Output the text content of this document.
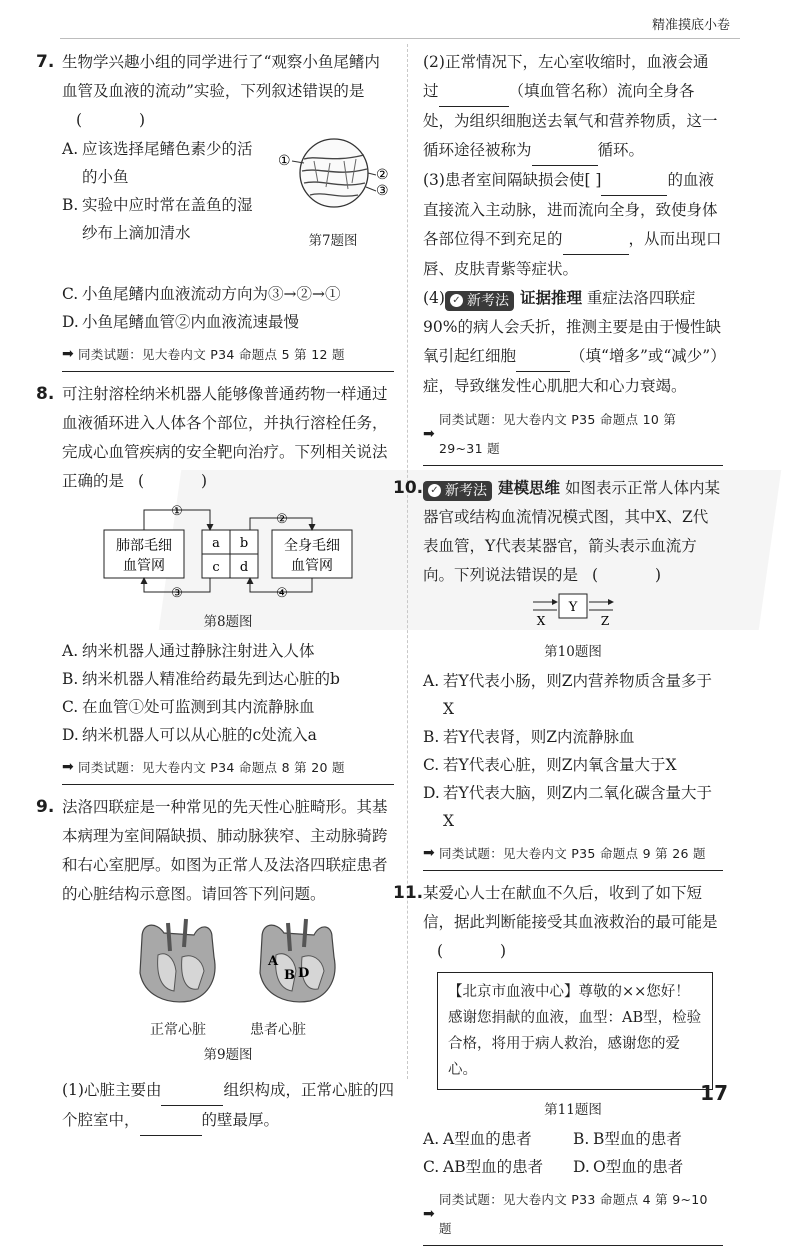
精准摸底小卷
7. 生物学兴趣小组的同学进行了“观察小鱼尾鳍内血管及血液的流动”实验，下列叙述错误的是( )
A. 应该选择尾鳍色素少的活的小鱼
B. 实验中应时常在盖鱼的湿纱布上滴加清水
①
②
③
第7题图
C. 小鱼尾鳍内血液流动方向为③→②→①
D. 小鱼尾鳍血管②内血液流速最慢
➡ 同类试题：见大卷内文 P34 命题点 5 第 12 题
8. 可注射溶栓纳米机器人能够像普通药物一样通过血液循环进入人体各个部位，并执行溶栓任务，完成心血管疾病的安全靶向治疗。下列相关说法正确的是 ( )
肺部毛细
血管网
全身毛细
血管网
a b
c d
①
②
③	④
第8题图
A. 纳米机器人通过静脉注射进入人体
B. 纳米机器人精准给药最先到达心脏的b
C. 在血管①处可监测到其内流静脉血
D. 纳米机器人可以从心脏的c处流入a
➡ 同类试题：见大卷内文 P34 命题点 8 第 20 题
9. 法洛四联症是一种常见的先天性心脏畸形。其基本病理为室间隔缺损、肺动脉狭窄、主动脉骑跨和右心室肥厚。如图为正常人及法洛四联症患者的心脏结构示意图。请回答下列问题。
A
B D
正常心脏	患者心脏
第9题图
(1)心脏主要由	组织构成，正常心脏的四个腔室中，	的壁最厚。
(2)正常情况下，左心室收缩时，血液会通过	（填血管名称）流向全身各处，为组织细胞送去氧气和营养物质，这一循环途径被称为	循环。
(3)患者室间隔缺损会使[ ]	的血液直接流入主动脉，进而流向全身，致使身体各部位得不到充足的	，从而出现口唇、皮肤青紫等症状。
(4) ✓ 新考法 证据推理 重症法洛四联症90%的病人会夭折，推测主要是由于慢性缺氧引起红细胞	（填“增多”或“减少”）症，导致继发性心肌肥大和心力衰竭。
➡
同类试题：见大卷内文 P35 命题点 10 第 29~31 题
10. ✓ 新考法 建模思维 如图表示正常人体内某器官或结构血流情况模式图，其中X、Z代表血管，Y代表某器官，箭头表示血流方向。下列说法错误的是 ( )
Y
X	Z
第10题图
A. 若Y代表小肠，则Z内营养物质含量多于X
B. 若Y代表肾，则Z内流静脉血
C. 若Y代表心脏，则Z内氧含量大于X
D. 若Y代表大脑，则Z内二氧化碳含量大于X
➡ 同类试题：见大卷内文 P35 命题点 9 第 26 题
11. 某爱心人士在献血不久后，收到了如下短信，据此判断能接受其血液救治的最可能是( )
【北京市血液中心】尊敬的××您好！感谢您捐献的血液，血型：AB型，检验合格，将用于病人救治，感谢您的爱心。
第11题图
A. A型血的患者	B. B型血的患者
C. AB型血的患者	D. O型血的患者
➡
同类试题：见大卷内文 P33 命题点 4 第 9~10 题
17
